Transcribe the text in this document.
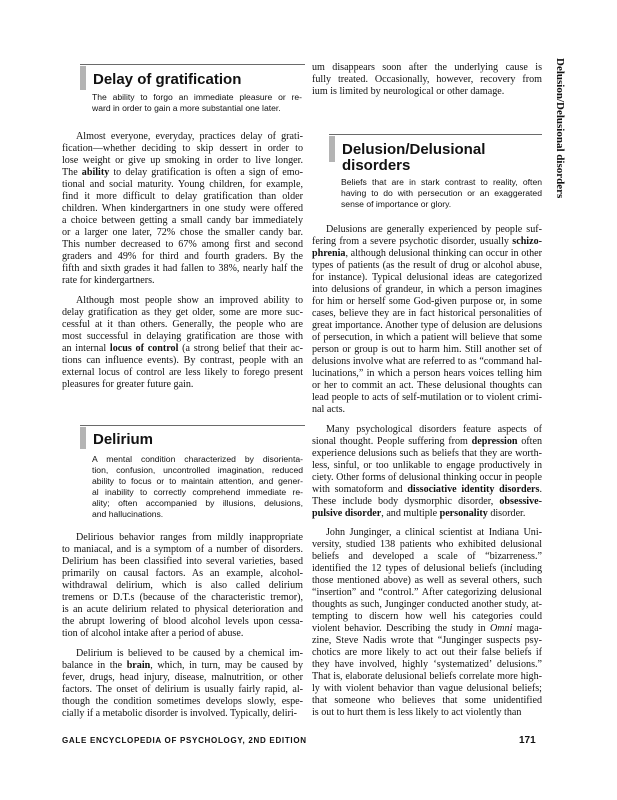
Delusion/Delusional disorders
Delay of gratification
The ability to forgo an immediate pleasure or re-
ward in order to gain a more substantial one later.
Almost everyone, everyday, practices delay of grati-
fication—whether deciding to skip dessert in order to
lose weight or give up smoking in order to live longer.
The ability to delay gratification is often a sign of emo-
tional and social maturity. Young children, for example,
find it more difficult to delay gratification than older
children. When kindergartners in one study were offered
a choice between getting a small candy bar immediately
or a larger one later, 72% chose the smaller candy bar.
This number decreased to 67% among first and second
graders and 49% for third and fourth graders. By the
fifth and sixth grades it had fallen to 38%, nearly half the
rate for kindergartners.
Although most people show an improved ability to
delay gratification as they get older, some are more suc-
cessful at it than others. Generally, the people who are
most successful in delaying gratification are those with
an internal locus of control (a strong belief that their ac-
tions can influence events). By contrast, people with an
external locus of control are less likely to forego present
pleasures for greater future gain.
Delirium
A mental condition characterized by disorienta-
tion, confusion, uncontrolled imagination, reduced
ability to focus or to maintain attention, and gener-
al inability to correctly comprehend immediate re-
ality; often accompanied by illusions, delusions,
and hallucinations.
Delirious behavior ranges from mildly inappropriate
to maniacal, and is a symptom of a number of disorders.
Delirium has been classified into several varieties, based
primarily on causal factors. As an example, alcohol-
withdrawal delirium, which is also called delirium
tremens or D.T.s (because of the characteristic tremor),
is an acute delirium related to physical deterioration and
the abrupt lowering of blood alcohol levels upon cessa-
tion of alcohol intake after a period of abuse.
Delirium is believed to be caused by a chemical im-
balance in the brain, which, in turn, may be caused by
fever, drugs, head injury, disease, malnutrition, or other
factors. The onset of delirium is usually fairly rapid, al-
though the condition sometimes develops slowly, espe-
cially if a metabolic disorder is involved. Typically, deliri-
um disappears soon after the underlying cause is
fully treated. Occasionally, however, recovery from
ium is limited by neurological or other damage.
Delusion/Delusional
disorders
Beliefs that are in stark contrast to reality, often
having to do with persecution or an exaggerated
sense of importance or glory.
Delusions are generally experienced by people suf-
fering from a severe psychotic disorder, usually schizo-
phrenia, although delusional thinking can occur in other
types of patients (as the result of drug or alcohol abuse,
for instance). Typical delusional ideas are categorized
into delusions of grandeur, in which a person imagines
for him or herself some God-given purpose or, in some
cases, believe they are in fact historical personalities of
great importance. Another type of delusion are delusions
of persecution, in which a patient will believe that some
person or group is out to harm him. Still another set of
delusions involve what are referred to as “command hal-
lucinations,” in which a person hears voices telling him
or her to commit an act. These delusional thoughts can
lead people to acts of self-mutilation or to violent crimi-
nal acts.
Many psychological disorders feature aspects of
sional thought. People suffering from depression often
experience delusions such as beliefs that they are worth-
less, sinful, or too unlikable to engage productively in
ciety. Other forms of delusional thinking occur in people
with somatoform and dissociative identity disorders.
These include body dysmorphic disorder, obsessive-
pulsive disorder, and multiple personality disorder.
John Junginger, a clinical scientist at Indiana Uni-
versity, studied 138 patients who exhibited delusional
beliefs and developed a scale of “bizarreness.”
identified the 12 types of delusional beliefs (including
those mentioned above) as well as several others, such
“insertion” and “control.” After categorizing delusional
thoughts as such, Junginger conducted another study, at-
tempting to discern how well his categories could
violent behavior. Describing the study in Omni maga-
zine, Steve Nadis wrote that “Junginger suspects psy-
chotics are more likely to act out their false beliefs if
they have involved, highly ‘systematized’ delusions.”
That is, elaborate delusional beliefs correlate more high-
ly with violent behavior than vague delusional beliefs;
that someone who believes that some unidentified
is out to hurt them is less likely to act violently than
GALE ENCYCLOPEDIA OF PSYCHOLOGY, 2ND EDITION	171
